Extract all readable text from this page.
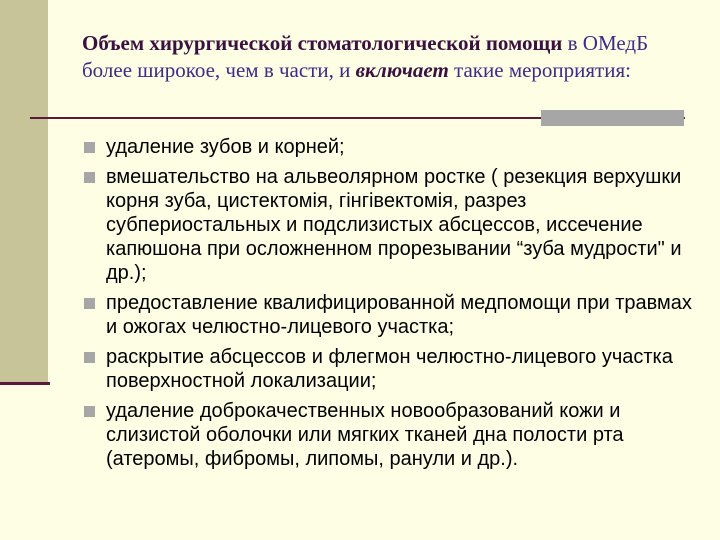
Объем хирургической стоматологической помощи в ОМедБ более широкое, чем в части, и включает такие мероприятия:
удаление зубов и корней;
вмешательство на альвеолярном ростке ( резекция верхушки корня зуба, цистектомія, гінгівектомія, разрез субпериостальных и подслизистых абсцессов, иссечение капюшона при осложненном прорезывании “зуба мудрости" и др.);
предоставление квалифицированной медпомощи при травмах и ожогах челюстно-лицевого участка;
раскрытие абсцессов и флегмон челюстно-лицевого участка поверхностной локализации;
удаление доброкачественных новообразований кожи и слизистой оболочки или мягких тканей дна полости рта (атеромы, фибромы, липомы, ранули и др.).
